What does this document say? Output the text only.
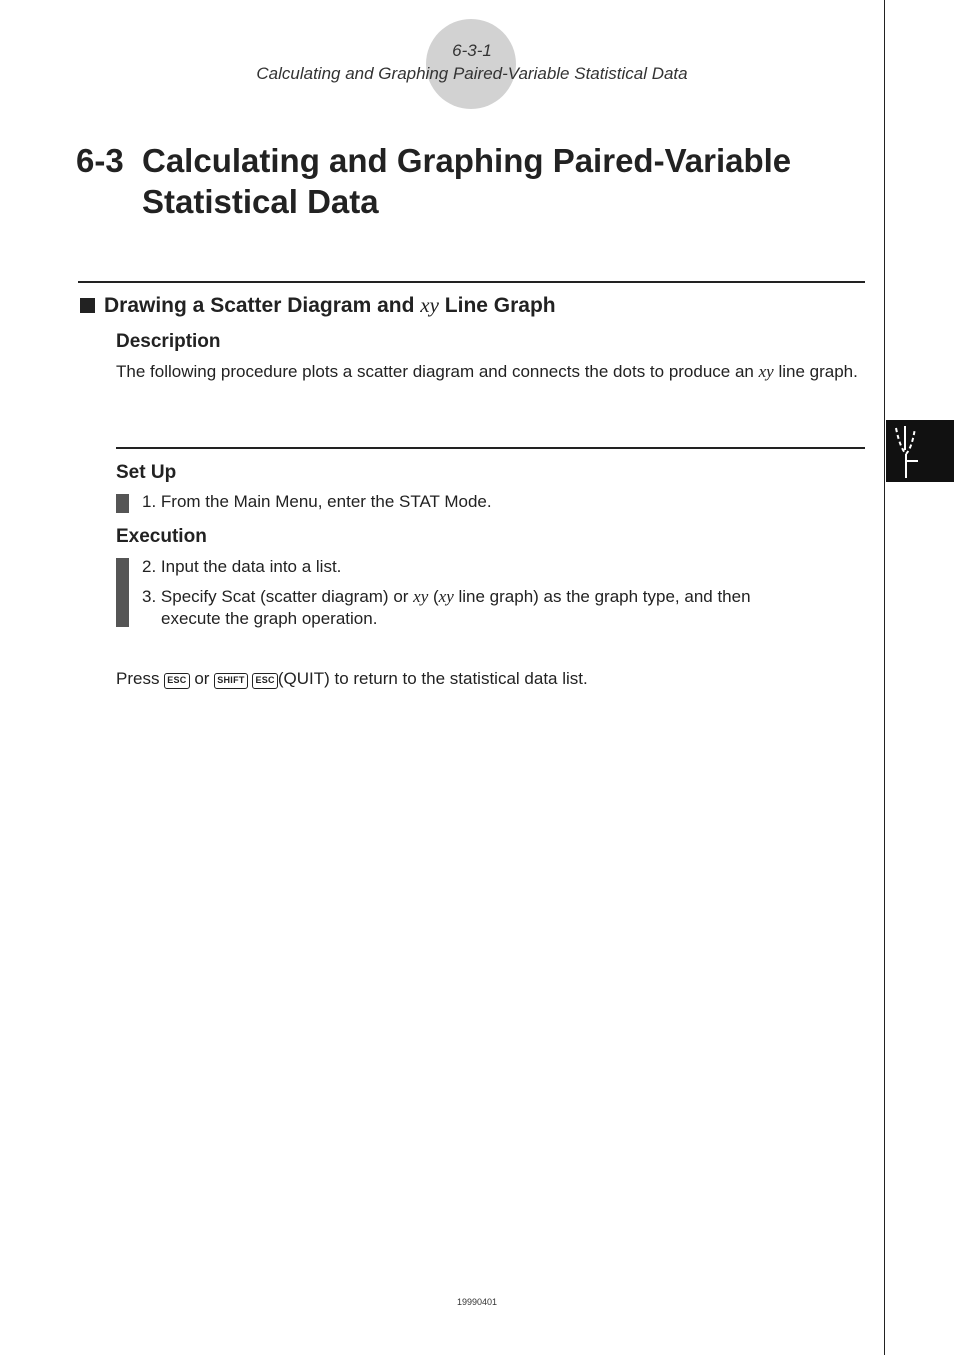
6-3-1
Calculating and Graphing Paired-Variable Statistical Data
6-3 Calculating and Graphing Paired-Variable Statistical Data
Drawing a Scatter Diagram and xy Line Graph
Description

The following procedure plots a scatter diagram and connects the dots to produce an xy line graph.

Set Up

1. From the Main Menu, enter the STAT Mode.

Execution

2. Input the data into a list.

3. Specify Scat (scatter diagram) or xy (xy line graph) as the graph type, and then
execute the graph operation.

Press ESC or SHIFT ESC (QUIT) to return to the statistical data list.

19990401
